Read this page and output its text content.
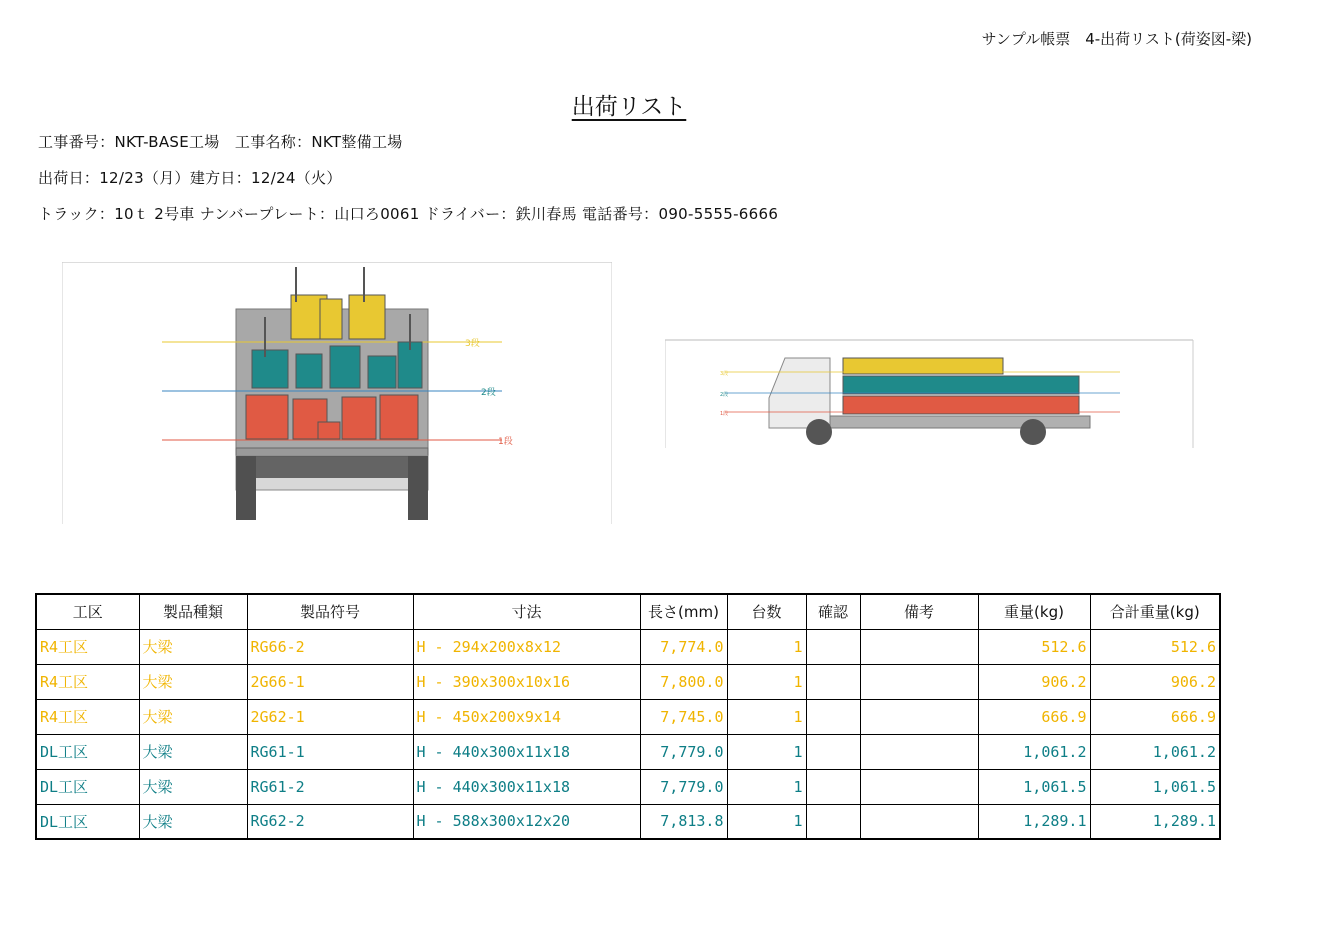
サンプル帳票　4-出荷リスト(荷姿図-梁)
出荷リスト
工事番号：NKT-BASE工場　工事名称：NKT整備工場
出荷日：12/23（月）建方日：12/24（火）
トラック：10ｔ 2号車 ナンバープレート：山口ろ0061 ドライバー：鉄川春馬 電話番号：090-5555-6666
3段
2段
1段
3段
2段
1段
工区	製品種類	製品符号	寸法	長さ(mm)	台数	確認	備考	重量(kg)	合計重量(kg)
R4工区	大梁	RG66-2	H - 294x200x8x12	7,774.0	1			512.6	512.6
R4工区	大梁	2G66-1	H - 390x300x10x16	7,800.0	1			906.2	906.2
R4工区	大梁	2G62-1	H - 450x200x9x14	7,745.0	1			666.9	666.9
DL工区	大梁	RG61-1	H - 440x300x11x18	7,779.0	1			1,061.2	1,061.2
DL工区	大梁	RG61-2	H - 440x300x11x18	7,779.0	1			1,061.5	1,061.5
DL工区	大梁	RG62-2	H - 588x300x12x20	7,813.8	1			1,289.1	1,289.1
